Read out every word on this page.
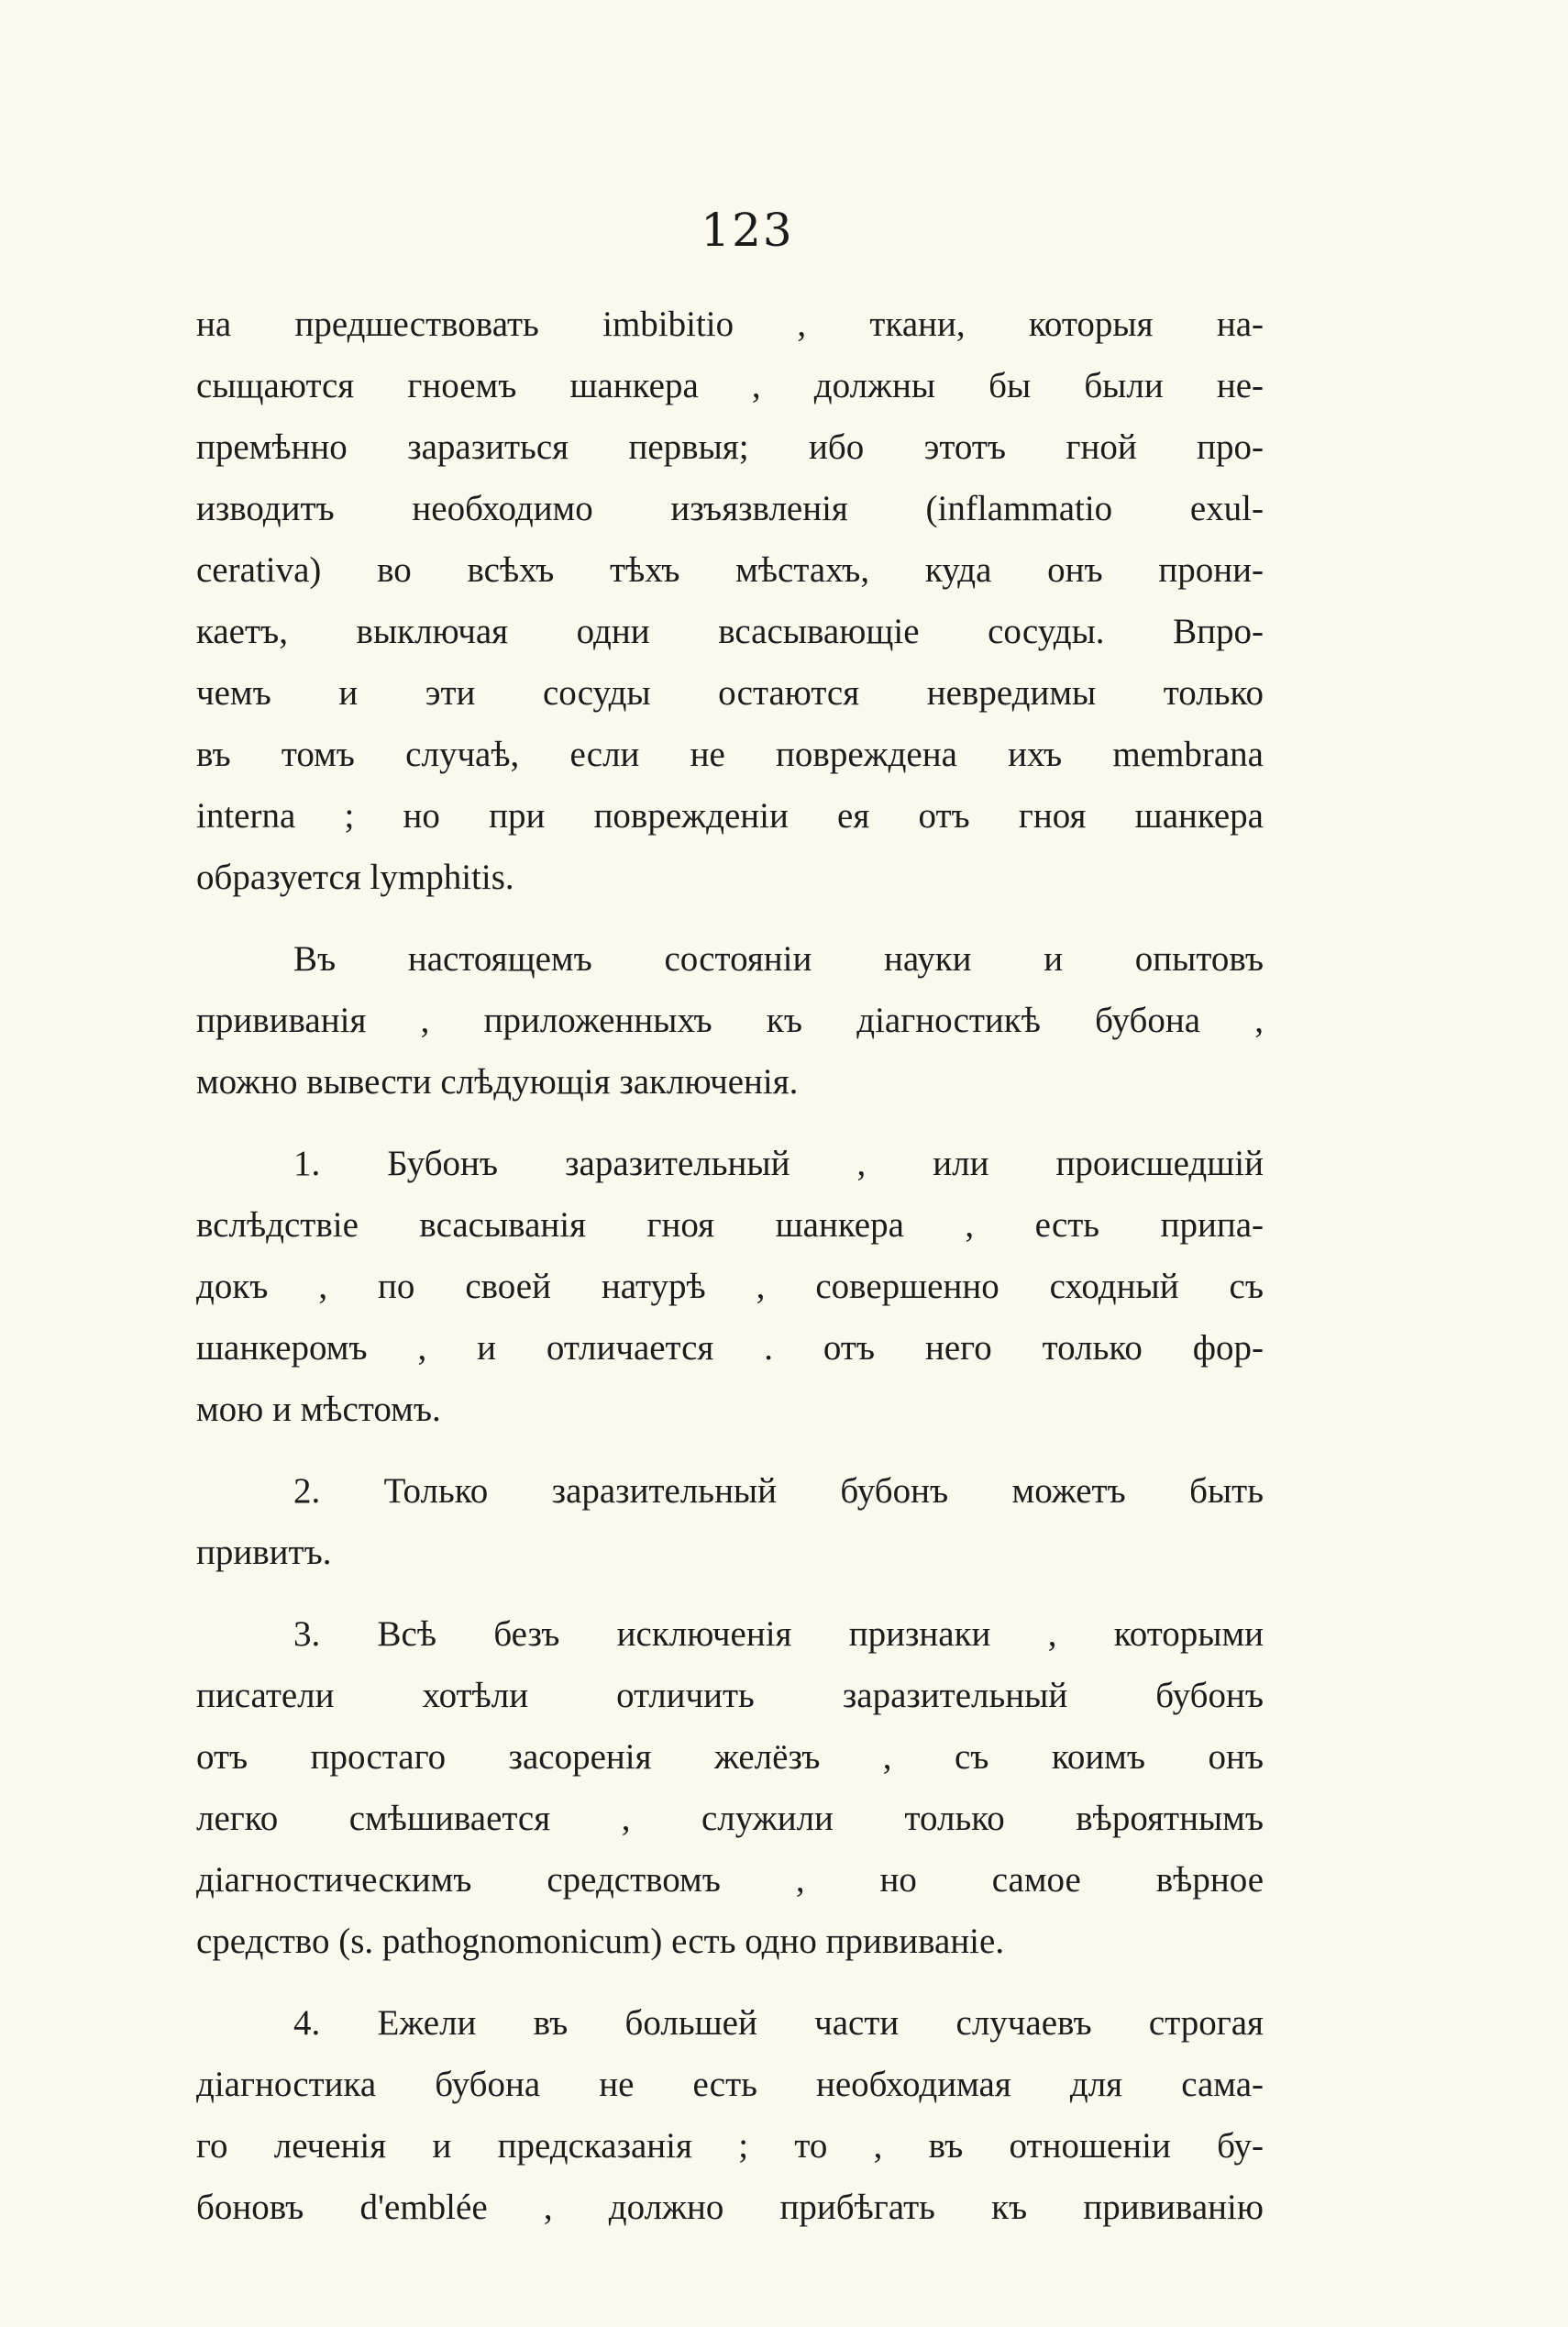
123
на предшествовать imbibitio , ткани, которыя на-
сыщаются гноемъ шанкера , должны бы были не-
премѣнно заразиться первыя; ибо этотъ гной про-
изводитъ необходимо изъязвленія (inflammatio exul-
cerativa) во всѣхъ тѣхъ мѣстахъ, куда онъ прони-
каетъ, выключая одни всасывающіе сосуды. Впро-
чемъ и эти сосуды остаются невредимы только
въ томъ случаѣ, если не повреждена ихъ membrana
interna ; но при поврежденіи ея отъ гноя шанкера
образуется lymphitis.
Въ настоящемъ состояніи науки и опытовъ
прививанія , приложенныхъ къ діагностикѣ бубона ,
можно вывести слѣдующія заключенія.
1. Бубонъ заразительный , или происшедшій
вслѣдствіе всасыванія гноя шанкера , есть припа-
докъ , по своей натурѣ , совершенно сходный съ
шанкеромъ , и отличается . отъ него только фор-
мою и мѣстомъ.
2. Только заразительный бубонъ можетъ быть
привитъ.
3. Всѣ безъ исключенія признаки , которыми
писатели хотѣли отличить заразительный бубонъ
отъ простаго засоренія желёзъ , съ коимъ онъ
легко смѣшивается , служили только вѣроятнымъ
діагностическимъ средствомъ , но самое вѣрное
средство (s. pathognomonicum) есть одно прививаніе.
4. Ежели въ большей части случаевъ строгая
діагностика бубона не есть необходимая для сама-
го леченія и предсказанія ; то , въ отношеніи бу-
боновъ d'emblée , должно прибѣгать къ прививанію
